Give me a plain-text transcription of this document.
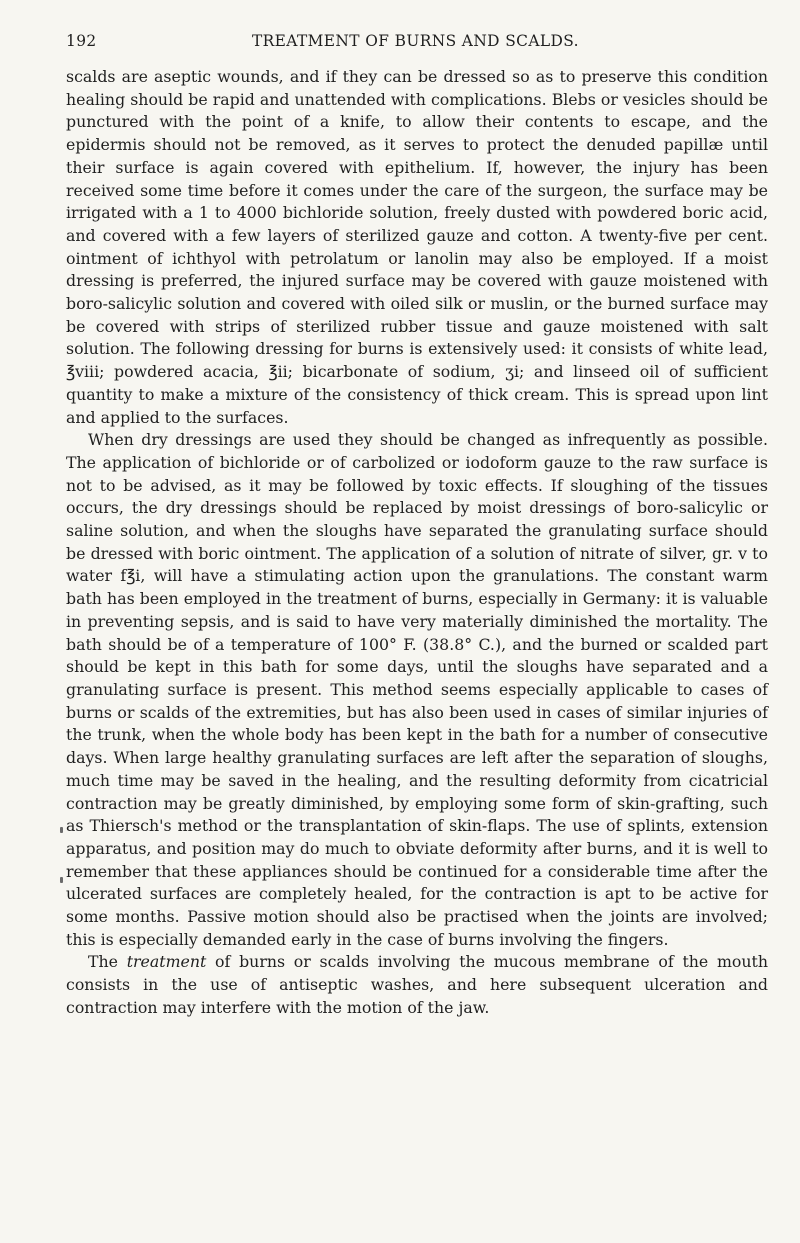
192	TREATMENT OF BURNS AND SCALDS.

scalds are aseptic wounds, and if they can be dressed so as to preserve this condition healing should be rapid and unattended with complications. Blebs or vesicles should be punctured with the point of a knife, to allow their contents to escape, and the epidermis should not be removed, as it serves to protect the denuded papillæ until their surface is again covered with epithelium. If, however, the injury has been received some time before it comes under the care of the surgeon, the surface may be irrigated with a 1 to 4000 bichloride solution, freely dusted with powdered boric acid, and covered with a few layers of sterilized gauze and cotton. A twenty-five per cent. ointment of ichthyol with petrolatum or lanolin may also be employed. If a moist dressing is preferred, the injured surface may be covered with gauze moistened with boro-salicylic solution and covered with oiled silk or muslin, or the burned surface may be covered with strips of sterilized rubber tissue and gauze moistened with salt solution. The following dressing for burns is extensively used: it consists of white lead, ℥viii; powdered acacia, ℥ii; bicarbonate of sodium, ʒi; and linseed oil of sufficient quantity to make a mixture of the consistency of thick cream. This is spread upon lint and applied to the surfaces.

When dry dressings are used they should be changed as infrequently as possible. The application of bichloride or of carbolized or iodoform gauze to the raw surface is not to be advised, as it may be followed by toxic effects. If sloughing of the tissues occurs, the dry dressings should be replaced by moist dressings of boro-salicylic or saline solution, and when the sloughs have separated the granulating surface should be dressed with boric ointment. The application of a solution of nitrate of silver, gr. v to water f℥i, will have a stimulating action upon the granulations. The constant warm bath has been employed in the treatment of burns, especially in Germany: it is valuable in preventing sepsis, and is said to have very materially diminished the mortality. The bath should be of a temperature of 100° F. (38.8° C.), and the burned or scalded part should be kept in this bath for some days, until the sloughs have separated and a granulating surface is present. This method seems especially applicable to cases of burns or scalds of the extremities, but has also been used in cases of similar injuries of the trunk, when the whole body has been kept in the bath for a number of consecutive days. When large healthy granulating surfaces are left after the separation of sloughs, much time may be saved in the healing, and the resulting deformity from cicatricial contraction may be greatly diminished, by employing some form of skin-grafting, such as Thiersch's method or the transplantation of skin-flaps. The use of splints, extension apparatus, and position may do much to obviate deformity after burns, and it is well to remember that these appliances should be continued for a considerable time after the ulcerated surfaces are completely healed, for the contraction is apt to be active for some months. Passive motion should also be practised when the joints are involved; this is especially demanded early in the case of burns involving the fingers.

The treatment of burns or scalds involving the mucous membrane of the mouth consists in the use of antiseptic washes, and here subsequent ulceration and contraction may interfere with the motion of the jaw.
